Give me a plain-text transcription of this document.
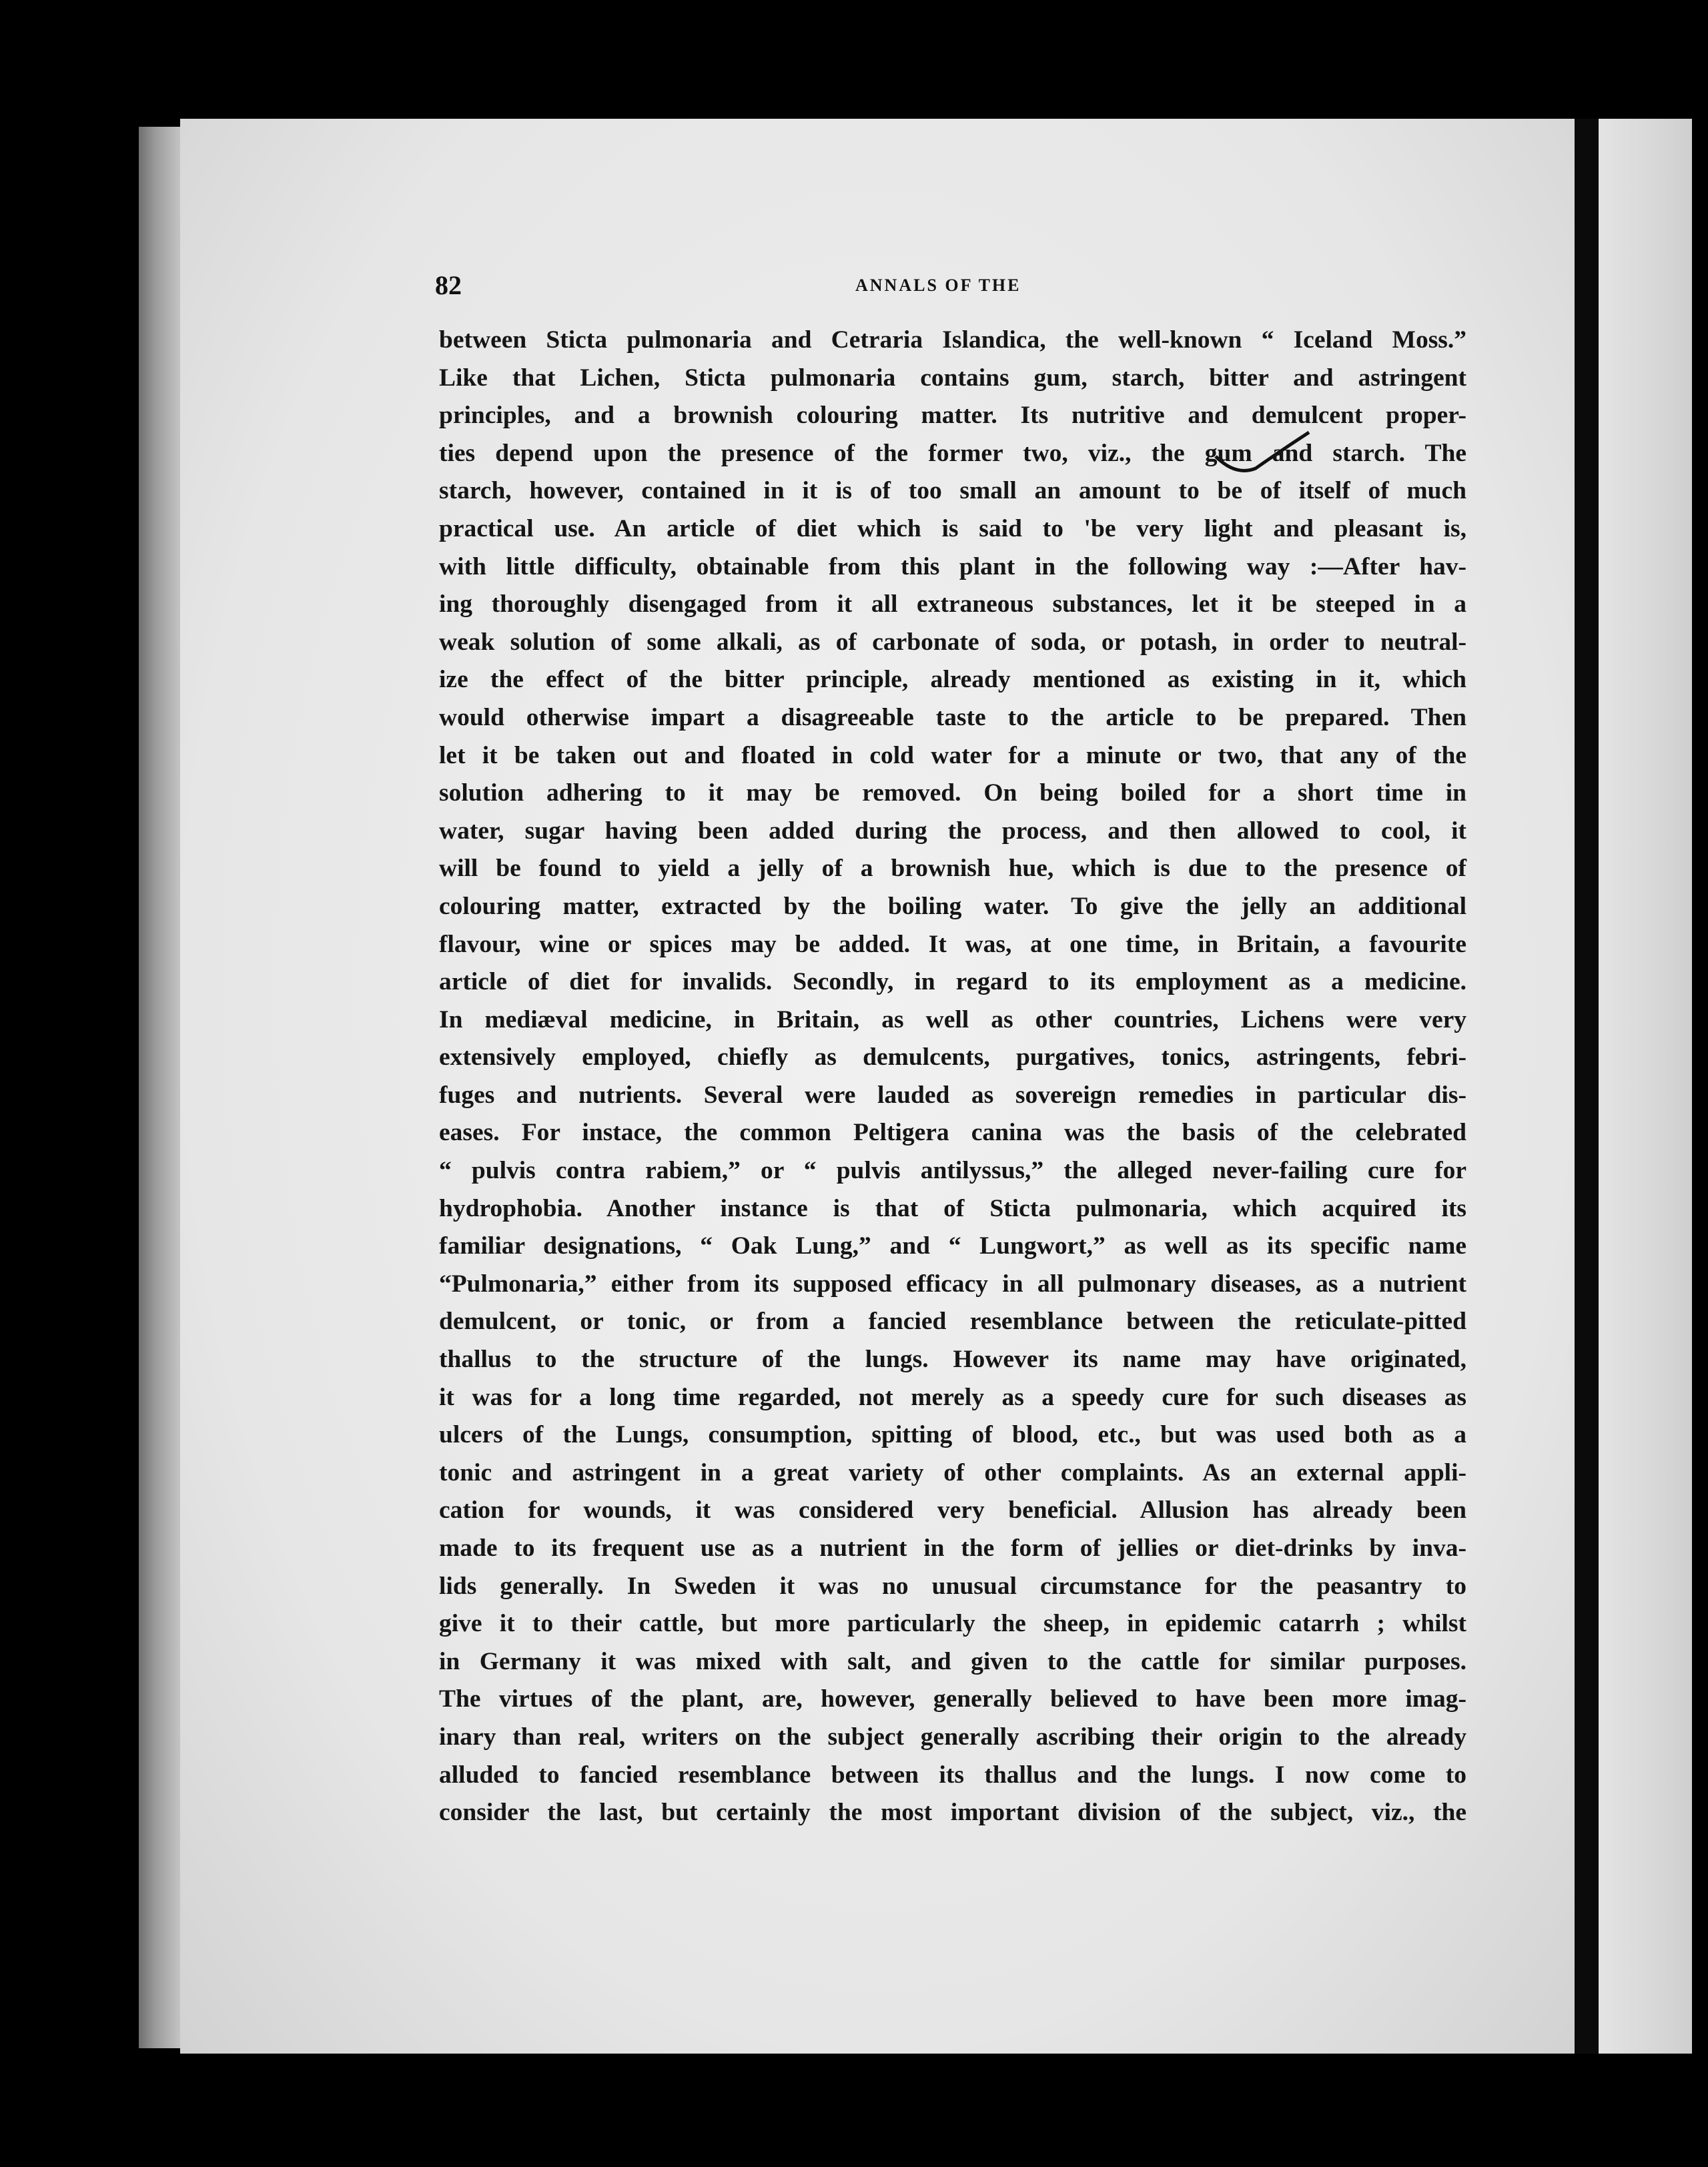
82	ANNALS OF THE
between Sticta pulmonaria and Cetraria Islandica, the well-known “ Iceland Moss.”
Like that Lichen, Sticta pulmonaria contains gum, starch, bitter and astringent
principles, and a brownish colouring matter. Its nutritive and demulcent proper-
ties depend upon the presence of the former two, viz., the gum and starch. The
starch, however, contained in it is of too small an amount to be of itself of much
practical use. An article of diet which is said to 'be very light and pleasant is,
with little difficulty, obtainable from this plant in the following way :—After hav-
ing thoroughly disengaged from it all extraneous substances, let it be steeped in a
weak solution of some alkali, as of carbonate of soda, or potash, in order to neutral-
ize the effect of the bitter principle, already mentioned as existing in it, which
would otherwise impart a disagreeable taste to the article to be prepared. Then
let it be taken out and floated in cold water for a minute or two, that any of the
solution adhering to it may be removed. On being boiled for a short time in
water, sugar having been added during the process, and then allowed to cool, it
will be found to yield a jelly of a brownish hue, which is due to the presence of
colouring matter, extracted by the boiling water. To give the jelly an additional
flavour, wine or spices may be added. It was, at one time, in Britain, a favourite
article of diet for invalids. Secondly, in regard to its employment as a medicine.
In mediæval medicine, in Britain, as well as other countries, Lichens were very
extensively employed, chiefly as demulcents, purgatives, tonics, astringents, febri-
fuges and nutrients. Several were lauded as sovereign remedies in particular dis-
eases. For instace, the common Peltigera canina was the basis of the celebrated
“ pulvis contra rabiem,” or “ pulvis antilyssus,” the alleged never-failing cure for
hydrophobia. Another instance is that of Sticta pulmonaria, which acquired its
familiar designations, “ Oak Lung,” and “ Lungwort,” as well as its specific name
“Pulmonaria,” either from its supposed efficacy in all pulmonary diseases, as a nutrient
demulcent, or tonic, or from a fancied resemblance between the reticulate-pitted
thallus to the structure of the lungs. However its name may have originated,
it was for a long time regarded, not merely as a speedy cure for such diseases as
ulcers of the Lungs, consumption, spitting of blood, etc., but was used both as a
tonic and astringent in a great variety of other complaints. As an external appli-
cation for wounds, it was considered very beneficial. Allusion has already been
made to its frequent use as a nutrient in the form of jellies or diet-drinks by inva-
lids generally. In Sweden it was no unusual circumstance for the peasantry to
give it to their cattle, but more particularly the sheep, in epidemic catarrh ; whilst
in Germany it was mixed with salt, and given to the cattle for similar purposes.
The virtues of the plant, are, however, generally believed to have been more imag-
inary than real, writers on the subject generally ascribing their origin to the already
alluded to fancied resemblance between its thallus and the lungs. I now come to
consider the last, but certainly the most important division of the subject, viz., the
